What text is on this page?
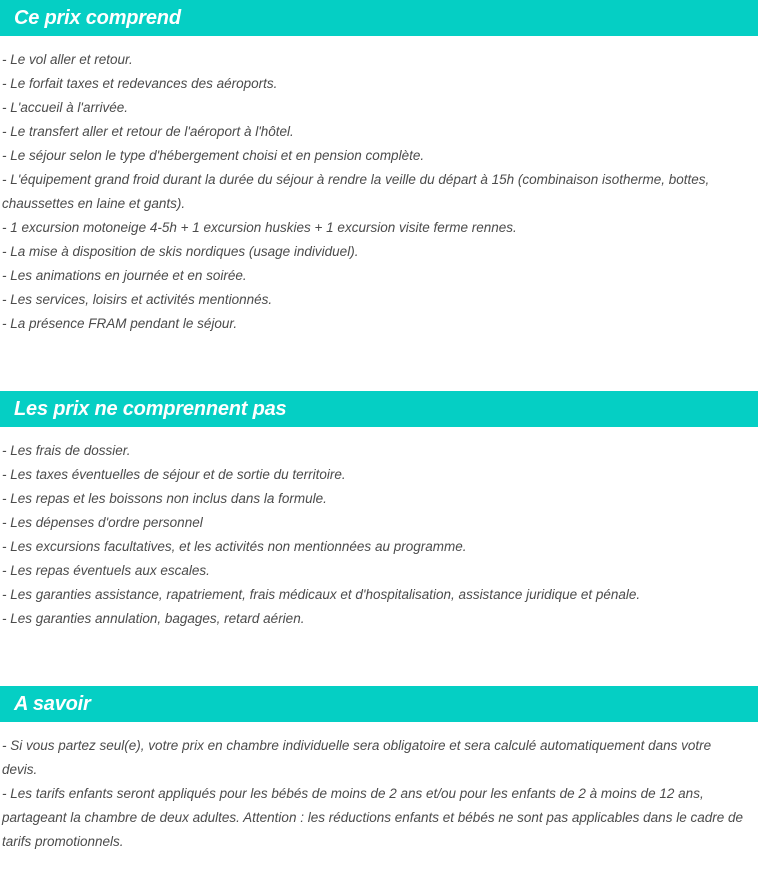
Ce prix comprend

- Le vol aller et retour.

- Le forfait taxes et redevances des aéroports.

- L'accueil à l'arrivée.

- Le transfert aller et retour de l'aéroport à l'hôtel.

- Le séjour selon le type d'hébergement choisi et en pension complète.

- L'équipement grand froid durant la durée du séjour à rendre la veille du départ à 15h (combinaison isotherme, bottes, chaussettes en laine et gants).

- 1 excursion motoneige 4-5h + 1 excursion huskies + 1 excursion visite ferme rennes.

- La mise à disposition de skis nordiques (usage individuel).

- Les animations en journée et en soirée.

- Les services, loisirs et activités mentionnés.

- La présence FRAM pendant le séjour.

Les prix ne comprennent pas

- Les frais de dossier.

- Les taxes éventuelles de séjour et de sortie du territoire.

- Les repas et les boissons non inclus dans la formule.

- Les dépenses d'ordre personnel

- Les excursions facultatives, et les activités non mentionnées au programme.

- Les repas éventuels aux escales.

- Les garanties assistance, rapatriement, frais médicaux et d'hospitalisation, assistance juridique et pénale.

- Les garanties annulation, bagages, retard aérien.

A savoir

- Si vous partez seul(e), votre prix en chambre individuelle sera obligatoire et sera calculé automatiquement dans votre devis.

- Les tarifs enfants seront appliqués pour les bébés de moins de 2 ans et/ou pour les enfants de 2 à moins de 12 ans, partageant la chambre de deux adultes. Attention : les réductions enfants et bébés ne sont pas applicables dans le cadre de tarifs promotionnels.
